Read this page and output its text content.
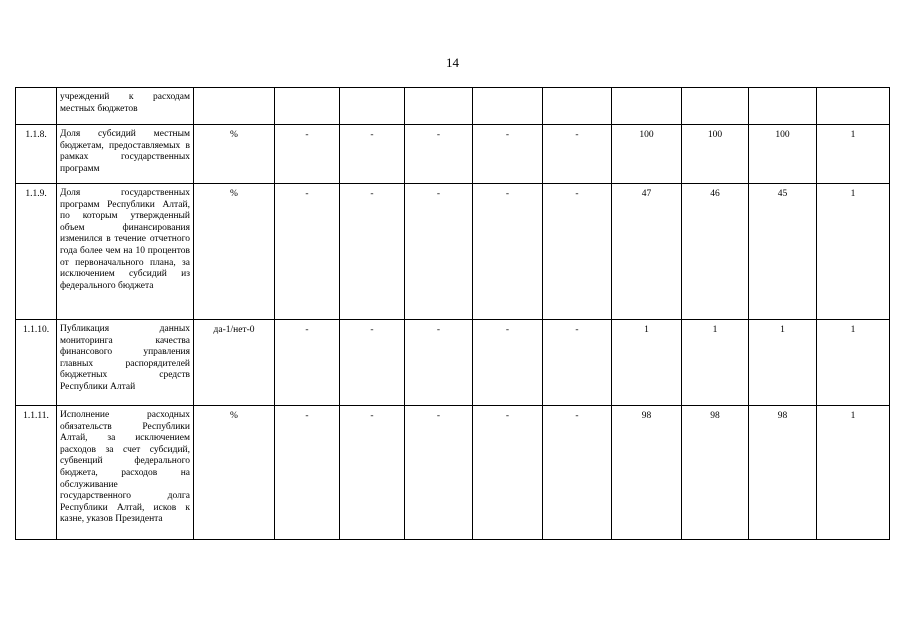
14
	учреждений к расходам местных бюджетов										
1.1.8.	Доля субсидий местным бюджетам, предоставляемых в рамках государственных программ	%	-	-	-	-	-	100	100	100	1
1.1.9.	Доля государственных программ Республики Алтай, по которым утвержденный объем финансирования изменился в течение отчетного года более чем на 10 процентов от первоначального плана, за исключением субсидий из федерального бюджета	%	-	-	-	-	-	47	46	45	1
1.1.10.	Публикация данных мониторинга качества финансового управления главных распорядителей бюджетных средств Республики Алтай	да-1/нет-0	-	-	-	-	-	1	1	1	1
1.1.11.	Исполнение расходных обязательств Республики Алтай, за исключением расходов за счет субсидий, субвенций федерального бюджета, расходов на обслуживание государственного долга Республики Алтай, исков к казне, указов Президента	%	-	-	-	-	-	98	98	98	1
